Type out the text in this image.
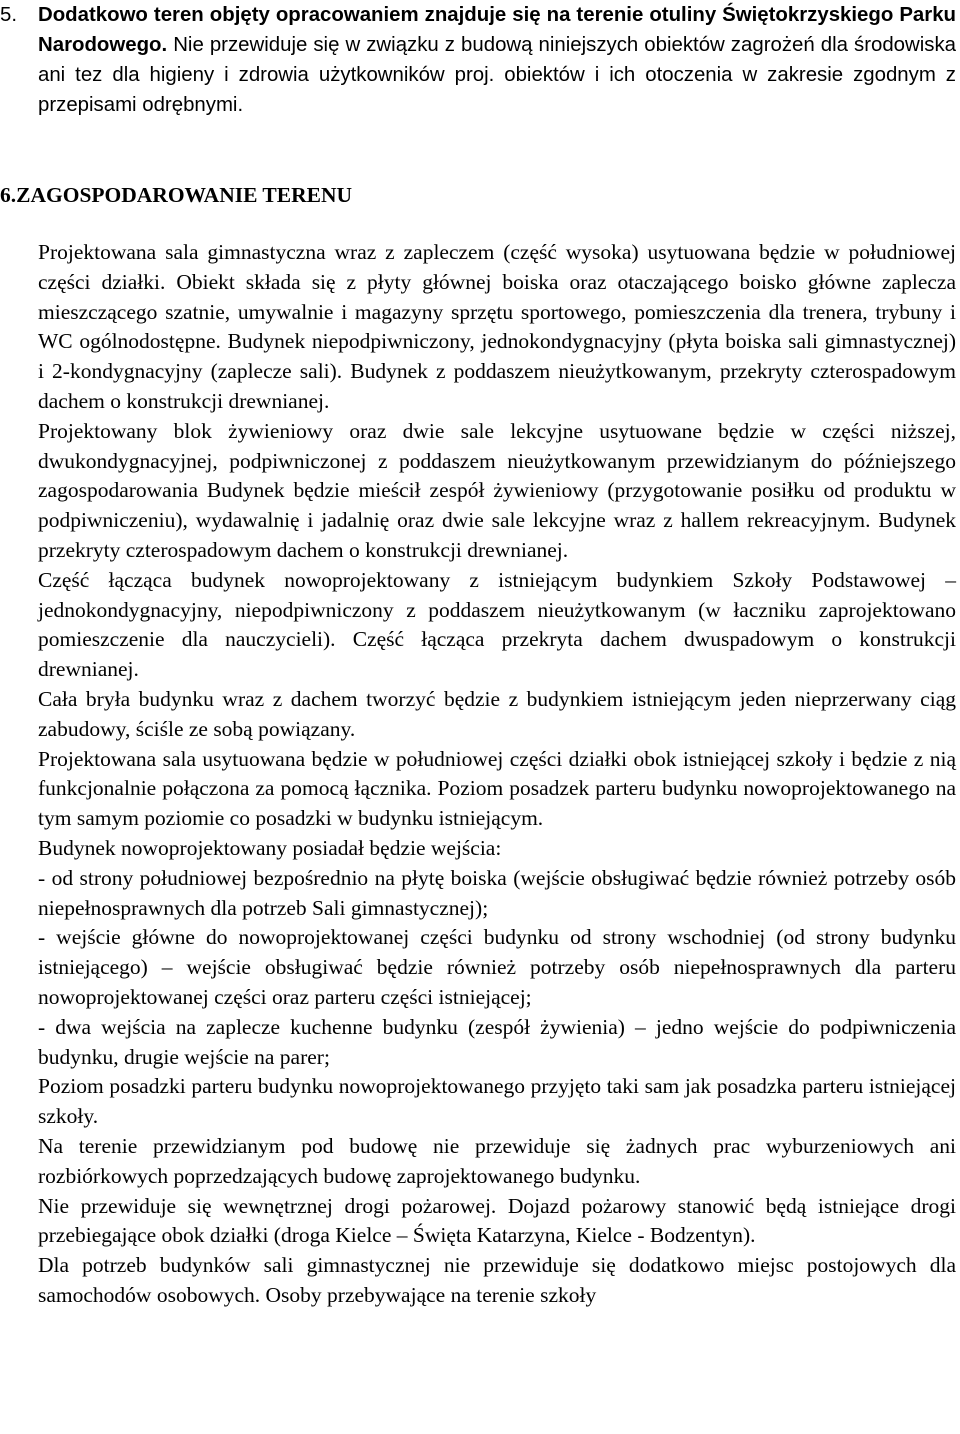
5.	Dodatkowo teren objęty opracowaniem znajduje się na terenie otuliny Świętokrzyskiego Parku Narodowego. Nie przewiduje się w związku z budową niniejszych obiektów zagrożeń dla środowiska ani tez dla higieny i zdrowia użytkowników proj. obiektów i ich otoczenia w zakresie zgodnym z przepisami odrębnymi.
6.ZAGOSPODAROWANIE TERENU

Projektowana sala gimnastyczna wraz z zapleczem (część wysoka) usytuowana będzie w południowej części działki. Obiekt składa się z płyty głównej boiska oraz otaczającego boisko główne zaplecza mieszczącego szatnie, umywalnie i magazyny sprzętu sportowego, pomieszczenia dla trenera, trybuny i WC ogólnodostępne. Budynek niepodpiwniczony, jednokondygnacyjny (płyta boiska sali gimnastycznej) i 2-kondygnacyjny (zaplecze sali). Budynek z poddaszem nieużytkowanym, przekryty czterospadowym dachem o konstrukcji drewnianej.

Projektowany blok żywieniowy oraz dwie sale lekcyjne usytuowane będzie w części niższej, dwukondygnacyjnej, podpiwniczonej z poddaszem nieużytkowanym przewidzianym do późniejszego zagospodarowania Budynek będzie mieścił zespół żywieniowy (przygotowanie posiłku od produktu w podpiwniczeniu), wydawalnię i jadalnię oraz dwie sale lekcyjne wraz z hallem rekreacyjnym. Budynek przekryty czterospadowym dachem o konstrukcji drewnianej.

Część łącząca budynek nowoprojektowany z istniejącym budynkiem Szkoły Podstawowej – jednokondygnacyjny, niepodpiwniczony z poddaszem nieużytkowanym (w łaczniku zaprojektowano pomieszczenie dla nauczycieli). Część łącząca przekryta dachem dwuspadowym o konstrukcji drewnianej.

Cała bryła budynku wraz z dachem tworzyć będzie z budynkiem istniejącym jeden nieprzerwany ciąg zabudowy, ściśle ze sobą powiązany.

Projektowana sala usytuowana będzie w południowej części działki obok istniejącej szkoły i będzie z nią funkcjonalnie połączona za pomocą łącznika. Poziom posadzek parteru budynku nowoprojektowanego na tym samym poziomie co posadzki w budynku istniejącym.

Budynek nowoprojektowany posiadał będzie wejścia:

- od strony południowej bezpośrednio na płytę boiska (wejście obsługiwać będzie również potrzeby osób niepełnosprawnych dla potrzeb Sali gimnastycznej);

- wejście główne do nowoprojektowanej części budynku od strony wschodniej (od strony budynku istniejącego) – wejście obsługiwać będzie również potrzeby osób niepełnosprawnych dla parteru nowoprojektowanej części oraz parteru części istniejącej;

- dwa wejścia na zaplecze kuchenne budynku (zespół żywienia) – jedno wejście do podpiwniczenia budynku, drugie wejście na parer;

Poziom posadzki parteru budynku nowoprojektowanego przyjęto taki sam jak posadzka parteru istniejącej szkoły.

Na terenie przewidzianym pod budowę nie przewiduje się żadnych prac wyburzeniowych ani rozbiórkowych poprzedzających budowę zaprojektowanego budynku.

Nie przewiduje się wewnętrznej drogi pożarowej. Dojazd pożarowy stanowić będą istniejące drogi przebiegające obok działki (droga Kielce – Święta Katarzyna, Kielce - Bodzentyn).

Dla potrzeb budynków sali gimnastycznej nie przewiduje się dodatkowo miejsc postojowych dla samochodów osobowych. Osoby przebywające na terenie szkoły
